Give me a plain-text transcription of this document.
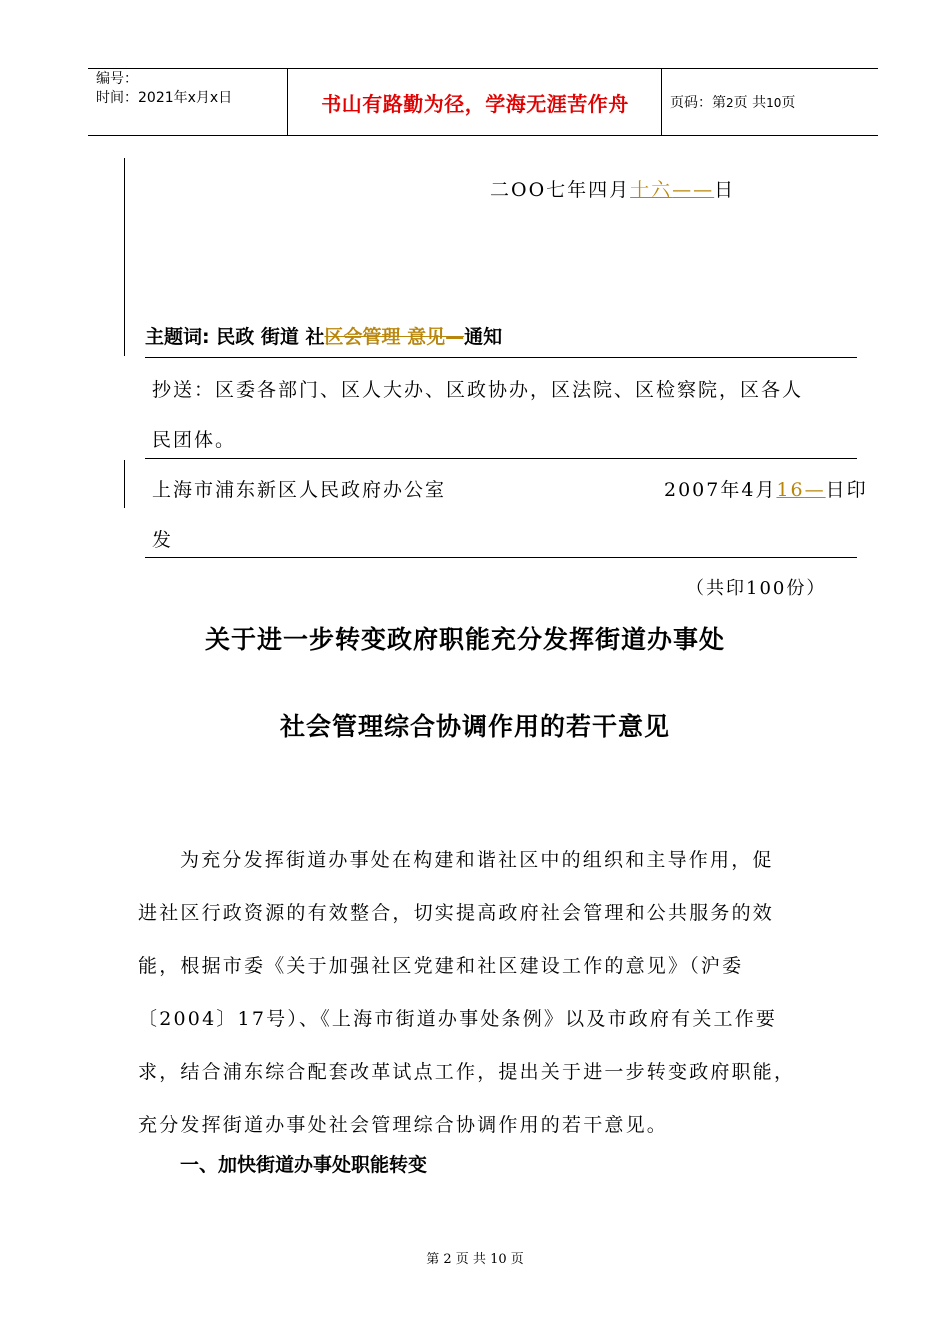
编号：
时间：2021年x月x日	书山有路勤为径，学海无涯苦作舟	页码：第2页 共10页
二OO七年四月十六——日
主题词: 民政 街道 社区会管理 意见—通知
抄送：区委各部门、区人大办、区政协办，区法院、区检察院，区各人
民团体。
上海市浦东新区人民政府办公室	2007年4月16—日印
发
（共印100份）
关于进一步转变政府职能充分发挥街道办事处
社会管理综合协调作用的若干意见
为充分发挥街道办事处在构建和谐社区中的组织和主导作用，促
进社区行政资源的有效整合，切实提高政府社会管理和公共服务的效
能，根据市委《关于加强社区党建和社区建设工作的意见》（沪委
〔2004〕17号）、《上海市街道办事处条例》以及市政府有关工作要
求，结合浦东综合配套改革试点工作，提出关于进一步转变政府职能，
充分发挥街道办事处社会管理综合协调作用的若干意见。
一、加快街道办事处职能转变
第 2 页 共 10 页
